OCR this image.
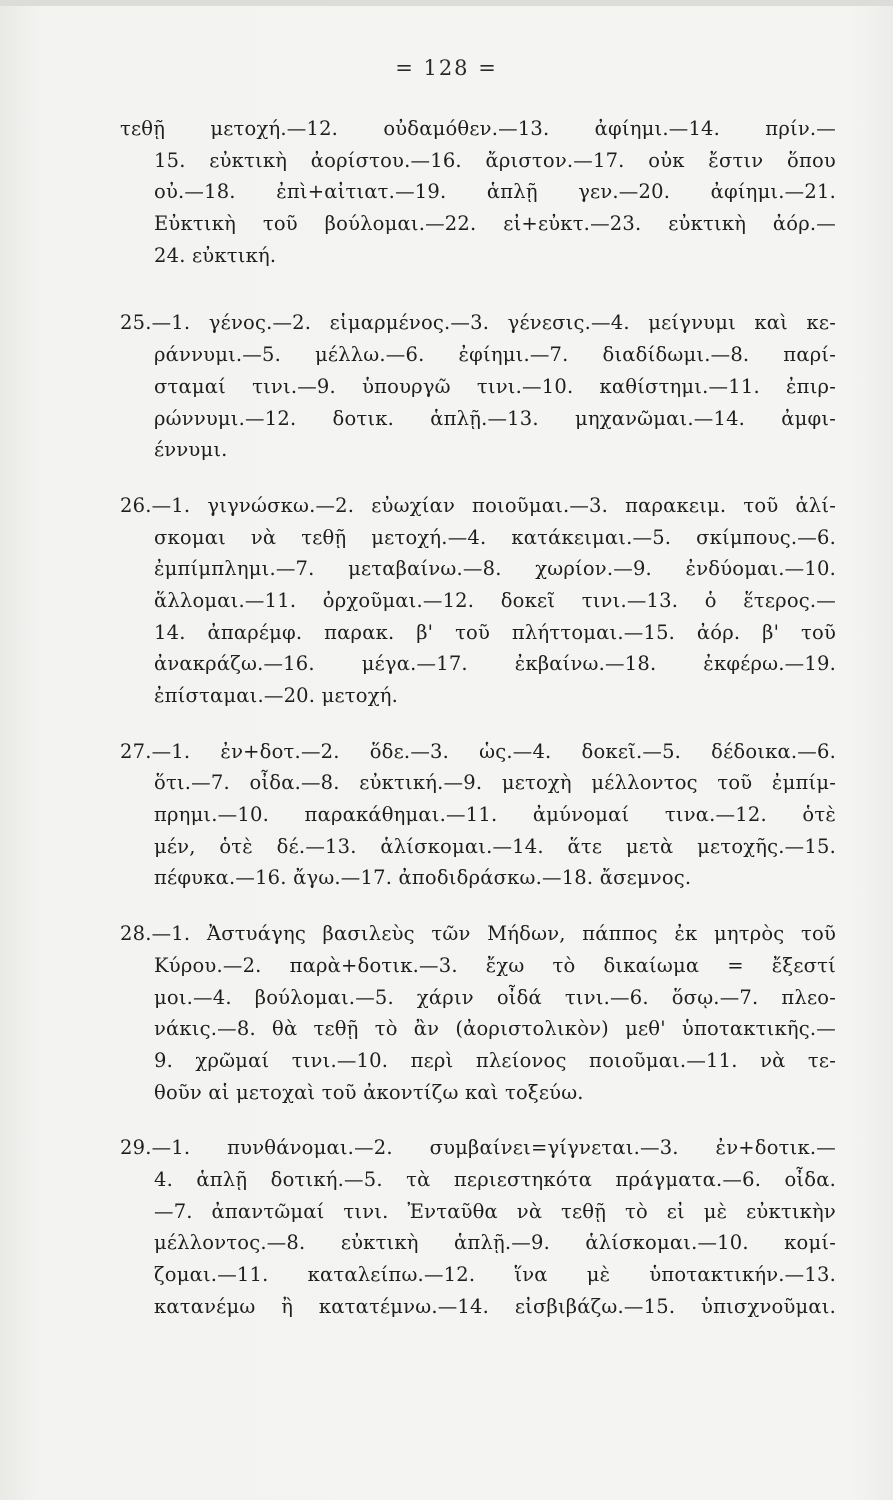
= 128 =
τεθῇ μετοχή.—12. οὐδαμόθεν.—13. ἀφίημι.—14. πρίν.—
15. εὐκτικὴ ἀορίστου.—16. ἄριστον.—17. οὐκ ἔστιν ὅπου
οὐ.—18. ἐπὶ+αἰτιατ.—19. ἁπλῇ γεν.—20. ἀφίημι.—21.
Εὐκτικὴ τοῦ βούλομαι.—22. εἰ+εὐκτ.—23. εὐκτικὴ ἀόρ.—
24. εὐκτική.
25.—1. γένος.—2. εἱμαρμένος.—3. γένεσις.—4. μείγνυμι καὶ κε-
ράννυμι.—5. μέλλω.—6. ἐφίημι.—7. διαδίδωμι.—8. παρί-
σταμαί τινι.—9. ὑπουργῶ τινι.—10. καθίστημι.—11. ἐπιρ-
ρώννυμι.—12. δοτικ. ἁπλῇ.—13. μηχανῶμαι.—14. ἀμφι-
έννυμι.
26.—1. γιγνώσκω.—2. εὐωχίαν ποιοῦμαι.—3. παρακειμ. τοῦ ἁλί-
σκομαι νὰ τεθῇ μετοχή.—4. κατάκειμαι.—5. σκίμπους.—6.
ἐμπίμπλημι.—7. μεταβαίνω.—8. χωρίον.—9. ἐνδύομαι.—10.
ἅλλομαι.—11. ὀρχοῦμαι.—12. δοκεῖ τινι.—13. ὁ ἕτερος.—
14. ἀπαρέμφ. παρακ. β' τοῦ πλήττομαι.—15. ἀόρ. β' τοῦ
ἀνακράζω.—16. μέγα.—17. ἐκβαίνω.—18. ἐκφέρω.—19.
ἐπίσταμαι.—20. μετοχή.
27.—1. ἐν+δοτ.—2. ὅδε.—3. ὡς.—4. δοκεῖ.—5. δέδοικα.—6.
ὅτι.—7. οἶδα.—8. εὐκτική.—9. μετοχὴ μέλλοντος τοῦ ἐμπίμ-
πρημι.—10. παρακάθημαι.—11. ἀμύνομαί τινα.—12. ὁτὲ
μέν, ὁτὲ δέ.—13. ἁλίσκομαι.—14. ἅτε μετὰ μετοχῆς.—15.
πέφυκα.—16. ἄγω.—17. ἀποδιδράσκω.—18. ἄσεμνος.
28.—1. Ἀστυάγης βασιλεὺς τῶν Μήδων, πάππος ἐκ μητρὸς τοῦ
Κύρου.—2. παρὰ+δοτικ.—3. ἔχω τὸ δικαίωμα = ἔξεστί
μοι.—4. βούλομαι.—5. χάριν οἶδά τινι.—6. ὅσῳ.—7. πλεο-
νάκις.—8. θὰ τεθῇ τὸ ἂν (ἀοριστολικὸν) μεθ' ὑποτακτικῆς.—
9. χρῶμαί τινι.—10. περὶ πλείονος ποιοῦμαι.—11. νὰ τε-
θοῦν αἱ μετοχαὶ τοῦ ἀκοντίζω καὶ τοξεύω.
29.—1. πυνθάνομαι.—2. συμβαίνει=γίγνεται.—3. ἐν+δοτικ.—
4. ἁπλῇ δοτική.—5. τὰ περιεστηκότα πράγματα.—6. οἶδα.
—7. ἀπαντῶμαί τινι. Ἐνταῦθα νὰ τεθῇ τὸ εἰ μὲ εὐκτικὴν
μέλλοντος.—8. εὐκτικὴ ἁπλῇ.—9. ἁλίσκομαι.—10. κομί-
ζομαι.—11. καταλείπω.—12. ἵνα μὲ ὑποτακτικήν.—13.
κατανέμω ἢ κατατέμνω.—14. εἰσβιβάζω.—15. ὑπισχνοῦμαι.
